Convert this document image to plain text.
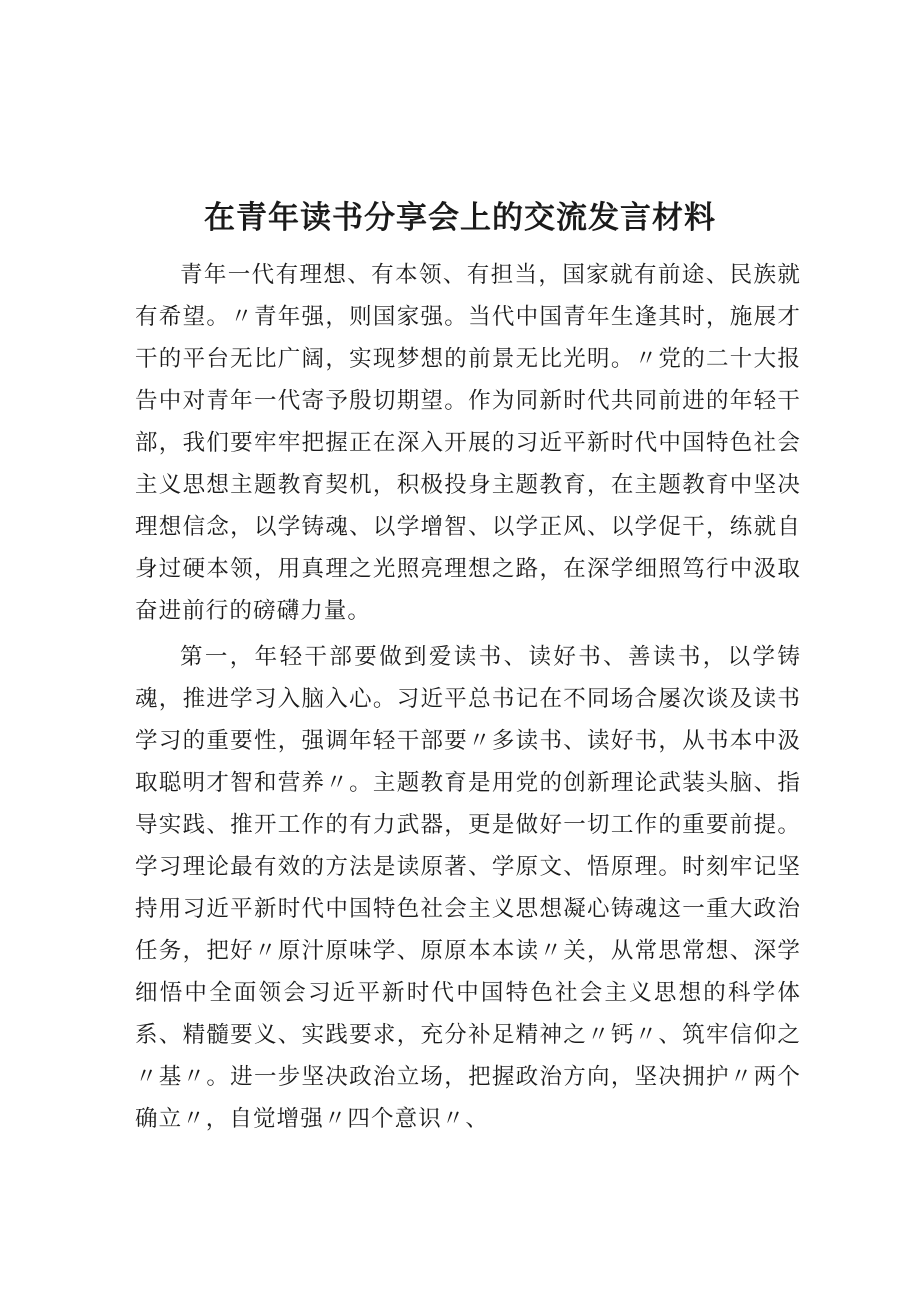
在青年读书分享会上的交流发言材料

青年一代有理想、有本领、有担当，国家就有前途、民族就有希望。〃青年强，则国家强。当代中国青年生逢其时，施展才干的平台无比广阔，实现梦想的前景无比光明。〃党的二十大报告中对青年一代寄予殷切期望。作为同新时代共同前进的年轻干部，我们要牢牢把握正在深入开展的习近平新时代中国特色社会主义思想主题教育契机，积极投身主题教育，在主题教育中坚决理想信念，以学铸魂、以学增智、以学正风、以学促干，练就自身过硬本领，用真理之光照亮理想之路，在深学细照笃行中汲取奋进前行的磅礴力量。

第一，年轻干部要做到爱读书、读好书、善读书，以学铸魂，推进学习入脑入心。习近平总书记在不同场合屡次谈及读书学习的重要性，强调年轻干部要〃多读书、读好书，从书本中汲取聪明才智和营养〃。主题教育是用党的创新理论武装头脑、指导实践、推开工作的有力武器，更是做好一切工作的重要前提。学习理论最有效的方法是读原著、学原文、悟原理。时刻牢记坚持用习近平新时代中国特色社会主义思想凝心铸魂这一重大政治任务，把好〃原汁原味学、原原本本读〃关，从常思常想、深学细悟中全面领会习近平新时代中国特色社会主义思想的科学体系、精髓要义、实践要求，充分补足精神之〃钙〃、筑牢信仰之〃基〃。进一步坚决政治立场，把握政治方向，坚决拥护〃两个确立〃，自觉增强〃四个意识〃、
